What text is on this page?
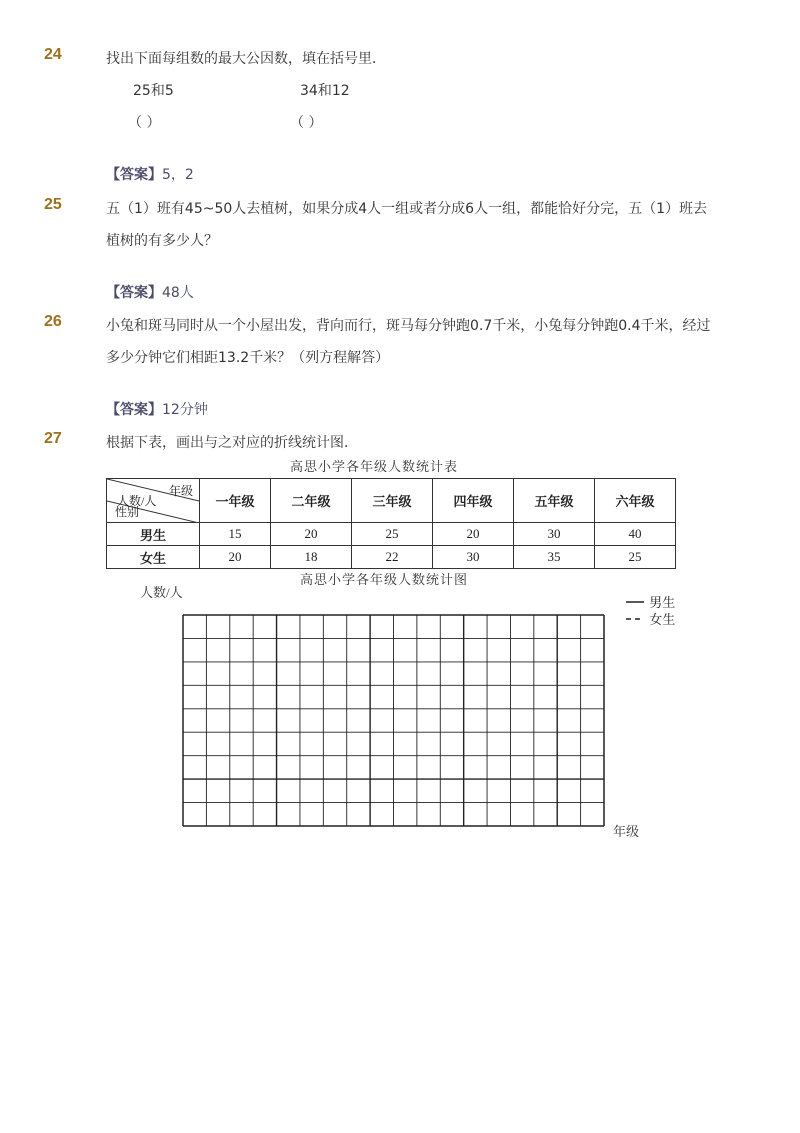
24	找出下面每组数的最大公因数，填在括号里．
25和5	34和12
（ ）	（ ）
【答案】5，2
25	五（1）班有45~50人去植树，如果分成4人一组或者分成6人一组，都能恰好分完，五（1）班去
植树的有多少人？
【答案】48人
26	小兔和斑马同时从一个小屋出发，背向而行，斑马每分钟跑0.7千米，小兔每分钟跑0.4千米，经过
多少分钟它们相距13.2千米？（列方程解答）
【答案】12分钟
27	根据下表，画出与之对应的折线统计图．
高思小学各年级人数统计表
年级
人数/人
性别	一年级	二年级	三年级	四年级	五年级	六年级
男生	15	20	25	20	30	40
女生	20	18	22	30	35	25
高思小学各年级人数统计图
人数/人
男生
女生
年级
